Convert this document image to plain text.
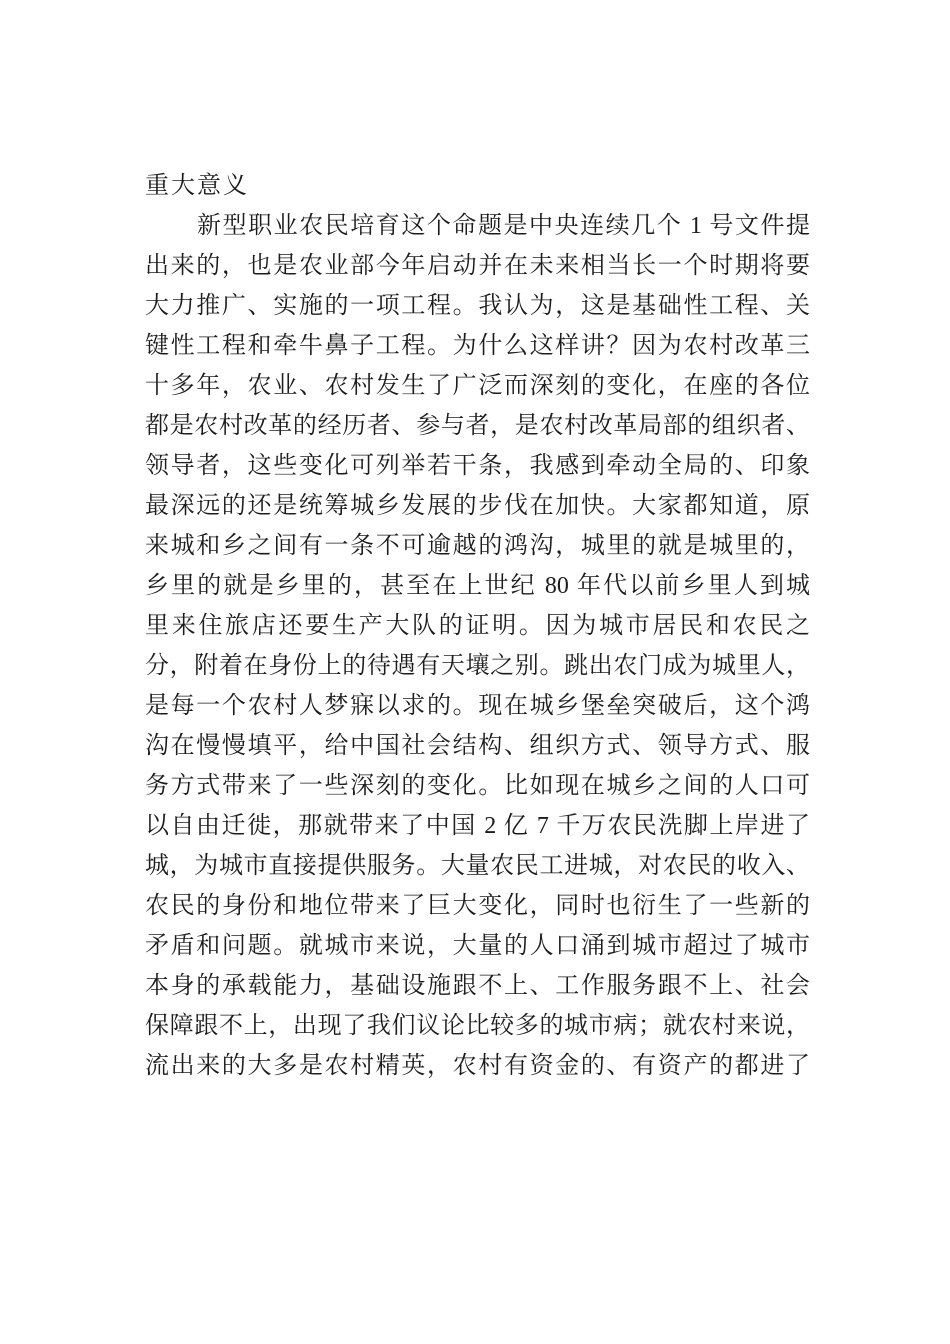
重大意义
新型职业农民培育这个命题是中央连续几个 1 号文件提
出来的，也是农业部今年启动并在未来相当长一个时期将要
大力推广、实施的一项工程。我认为，这是基础性工程、关
键性工程和牵牛鼻子工程。为什么这样讲？因为农村改革三
十多年，农业、农村发生了广泛而深刻的变化，在座的各位
都是农村改革的经历者、参与者，是农村改革局部的组织者、
领导者，这些变化可列举若干条，我感到牵动全局的、印象
最深远的还是统筹城乡发展的步伐在加快。大家都知道，原
来城和乡之间有一条不可逾越的鸿沟，城里的就是城里的，
乡里的就是乡里的，甚至在上世纪 80 年代以前乡里人到城
里来住旅店还要生产大队的证明。因为城市居民和农民之
分，附着在身份上的待遇有天壤之别。跳出农门成为城里人，
是每一个农村人梦寐以求的。现在城乡堡垒突破后，这个鸿
沟在慢慢填平，给中国社会结构、组织方式、领导方式、服
务方式带来了一些深刻的变化。比如现在城乡之间的人口可
以自由迁徙，那就带来了中国 2 亿 7 千万农民洗脚上岸进了
城，为城市直接提供服务。大量农民工进城，对农民的收入、
农民的身份和地位带来了巨大变化，同时也衍生了一些新的
矛盾和问题。就城市来说，大量的人口涌到城市超过了城市
本身的承载能力，基础设施跟不上、工作服务跟不上、社会
保障跟不上，出现了我们议论比较多的城市病；就农村来说，
流出来的大多是农村精英，农村有资金的、有资产的都进了
